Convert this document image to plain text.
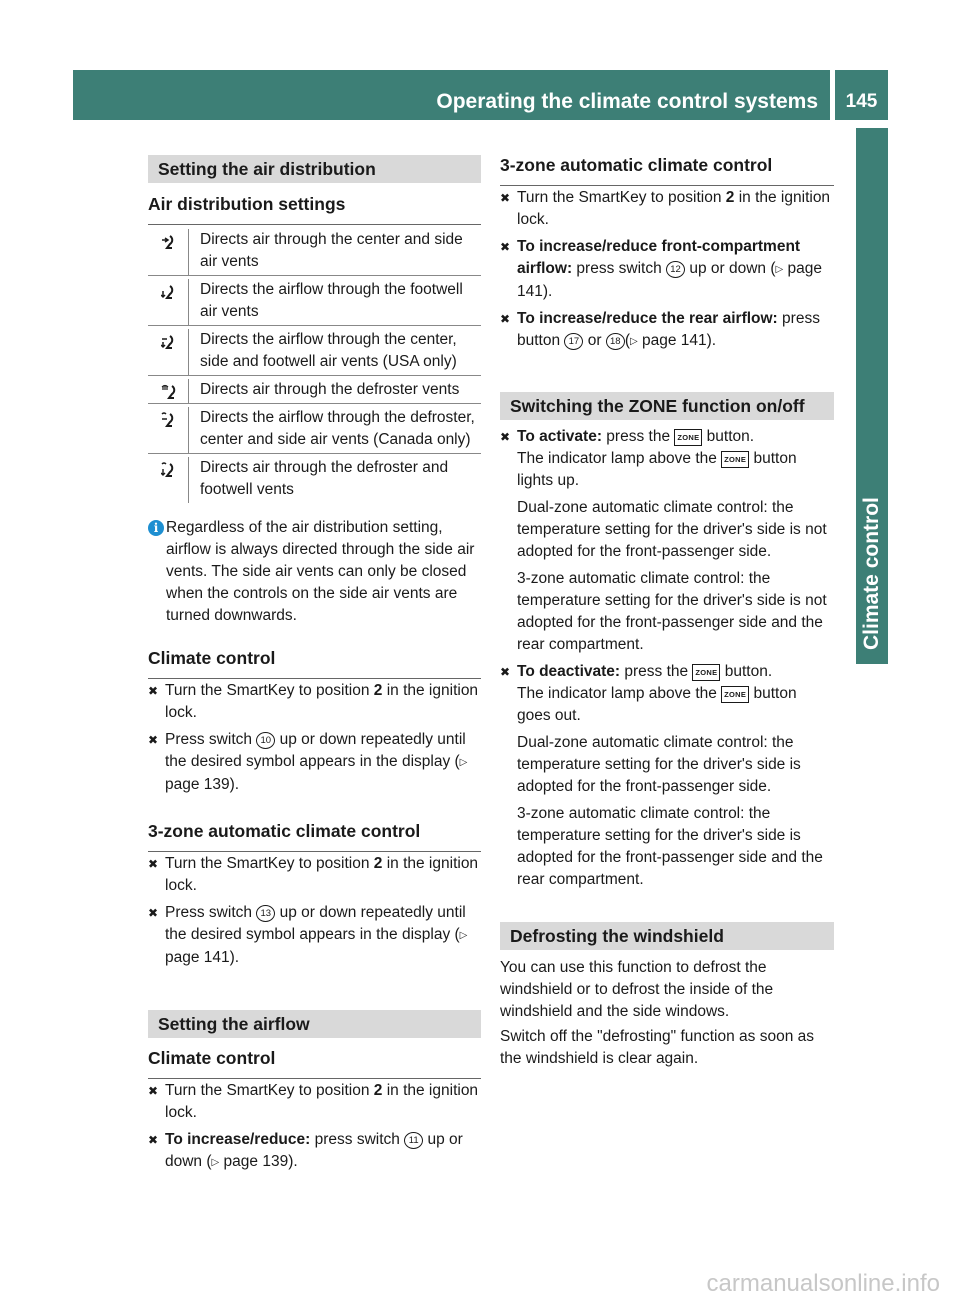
Operating the climate control systems	145
Climate control
Setting the air distribution
Air distribution settings
Directs air through the center and side air vents
Directs the airflow through the footwell air vents
Directs the airflow through the center, side and footwell air vents (USA only)
Directs air through the defroster vents
Directs the airflow through the defroster, center and side air vents (Canada only)
Directs air through the defroster and footwell vents
i Regardless of the air distribution setting, airflow is always directed through the side air vents. The side air vents can only be closed when the controls on the side air vents are turned downwards.

Climate control
✖ Turn the SmartKey to position 2 in the ignition lock.

✖ Press switch 10 up or down repeatedly until the desired symbol appears in the display (▷ page 139).

3-zone automatic climate control
✖ Turn the SmartKey to position 2 in the ignition lock.

✖ Press switch 13 up or down repeatedly until the desired symbol appears in the display (▷ page 141).

Setting the airflow
Climate control
✖ Turn the SmartKey to position 2 in the ignition lock.

✖ To increase/reduce: press switch 11 up or down (▷ page 139).

3-zone automatic climate control
✖ Turn the SmartKey to position 2 in the ignition lock.

✖ To increase/reduce front-compartment airflow: press switch 12 up or down (▷ page 141).

✖ To increase/reduce the rear airflow: press button 17 or 18 (▷ page 141).

Switching the ZONE function on/off
✖ To activate: press the ZONE button.

The indicator lamp above the ZONE button lights up.

Dual-zone automatic climate control: the temperature setting for the driver's side is not adopted for the front-passenger side.

3-zone automatic climate control: the temperature setting for the driver's side is not adopted for the front-passenger side and the rear compartment.

✖ To deactivate: press the ZONE button.

The indicator lamp above the ZONE button goes out.

Dual-zone automatic climate control: the temperature setting for the driver's side is adopted for the front-passenger side.

3-zone automatic climate control: the temperature setting for the driver's side is adopted for the front-passenger side and the rear compartment.

Defrosting the windshield

You can use this function to defrost the windshield or to defrost the inside of the windshield and the side windows.

Switch off the "defrosting" function as soon as the windshield is clear again.

carmanualsonline.info
